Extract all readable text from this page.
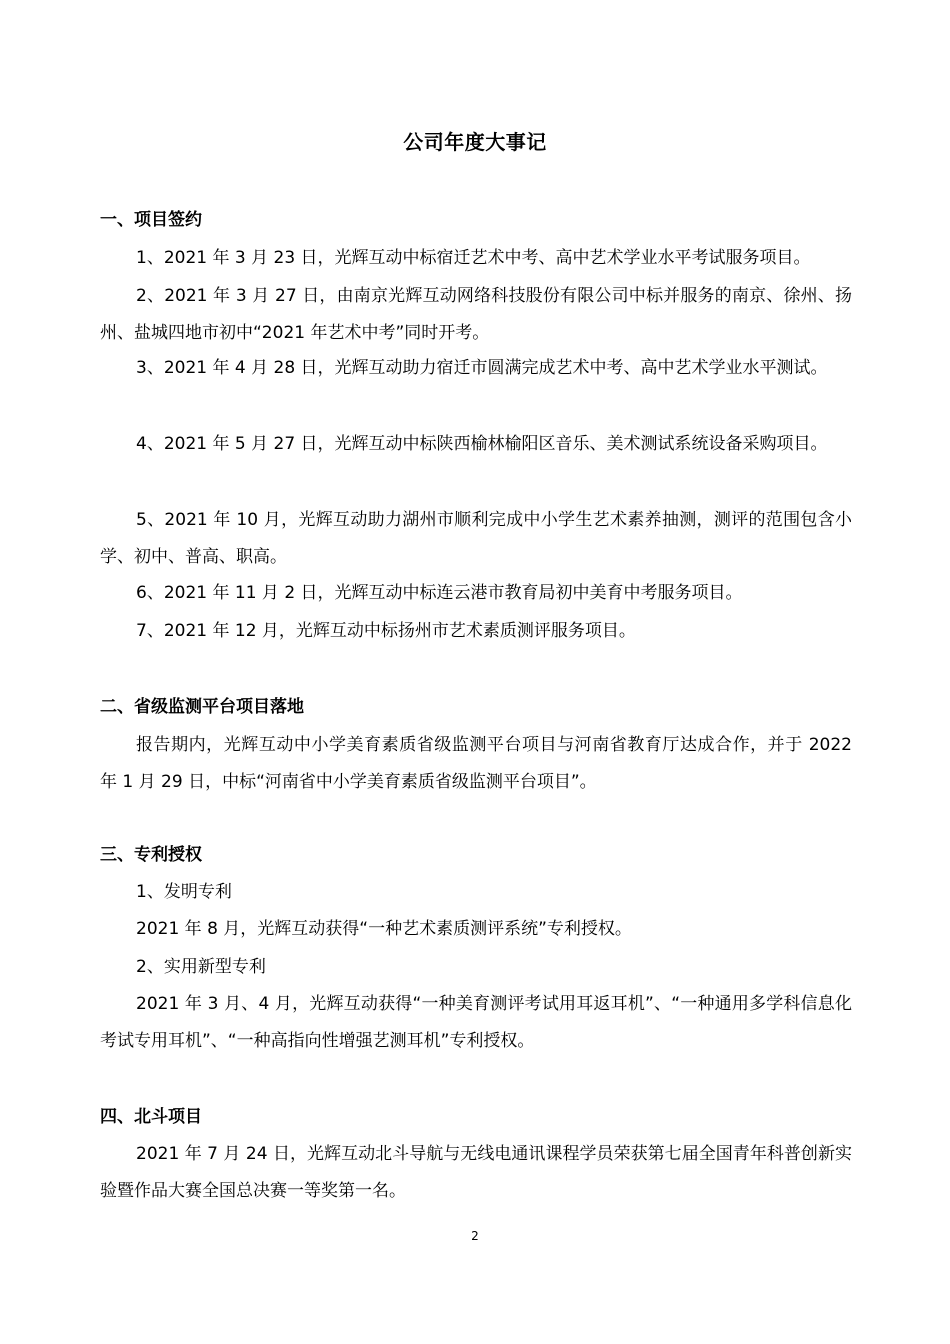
公司年度大事记
一、项目签约
1、2021 年 3 月 23 日，光辉互动中标宿迁艺术中考、高中艺术学业水平考试服务项目。
2、2021 年 3 月 27 日，由南京光辉互动网络科技股份有限公司中标并服务的南京、徐州、扬州、盐城四地市初中“2021 年艺术中考”同时开考。
3、2021 年 4 月 28 日，光辉互动助力宿迁市圆满完成艺术中考、高中艺术学业水平测试。
4、2021 年 5 月 27 日，光辉互动中标陕西榆林榆阳区音乐、美术测试系统设备采购项目。
5、2021 年 10 月，光辉互动助力湖州市顺利完成中小学生艺术素养抽测，测评的范围包含小学、初中、普高、职高。
6、2021 年 11 月 2 日，光辉互动中标连云港市教育局初中美育中考服务项目。
7、2021 年 12 月，光辉互动中标扬州市艺术素质测评服务项目。
二、省级监测平台项目落地
报告期内，光辉互动中小学美育素质省级监测平台项目与河南省教育厅达成合作，并于 2022 年 1 月 29 日，中标“河南省中小学美育素质省级监测平台项目”。
三、专利授权
1、发明专利
2021 年 8 月，光辉互动获得“一种艺术素质测评系统”专利授权。
2、实用新型专利
2021 年 3 月、4 月，光辉互动获得“一种美育测评考试用耳返耳机”、“一种通用多学科信息化考试专用耳机”、“一种高指向性增强艺测耳机”专利授权。
四、北斗项目
2021 年 7 月 24 日，光辉互动北斗导航与无线电通讯课程学员荣获第七届全国青年科普创新实验暨作品大赛全国总决赛一等奖第一名。
2
